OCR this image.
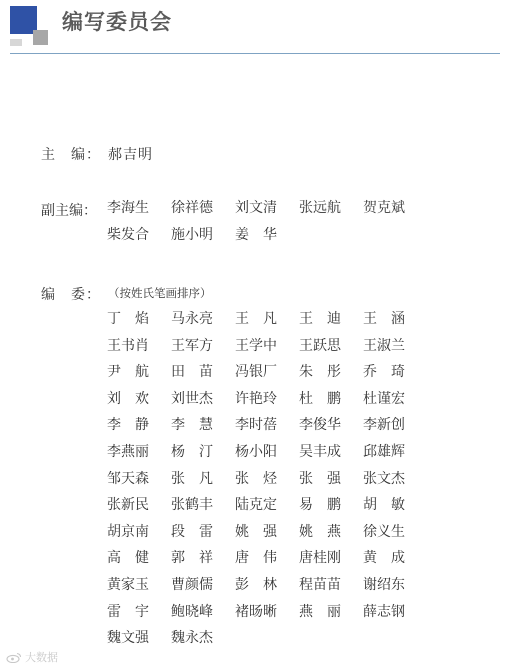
编写委员会
主　编： 郝吉明
副主编： 李海生	徐祥德	刘文清	张远航	贺克斌
柴发合	施小明	姜　华
编　委： （按姓氏笔画排序）
丁　焰	马永亮	王　凡	王　迪	王　涵
王书肖	王军方	王学中	王跃思	王淑兰
尹　航	田　苗	冯银厂	朱　彤	乔　琦
刘　欢	刘世杰	许艳玲	杜　鹏	杜谨宏
李　静	李　慧	李时蓓	李俊华	李新创
李燕丽	杨　汀	杨小阳	吴丰成	邱雄辉
邹天森	张　凡	张　烃	张　强	张文杰
张新民	张鹤丰	陆克定	易　鹏	胡　敏
胡京南	段　雷	姚　强	姚　燕	徐义生
高　健	郭　祥	唐　伟	唐桂刚	黄　成
黄家玉	曹颜儒	彭　林	程苗苗	谢绍东
雷　宇	鲍晓峰	褚旸晰	燕　丽	薛志钢
魏文强	魏永杰
大数据
